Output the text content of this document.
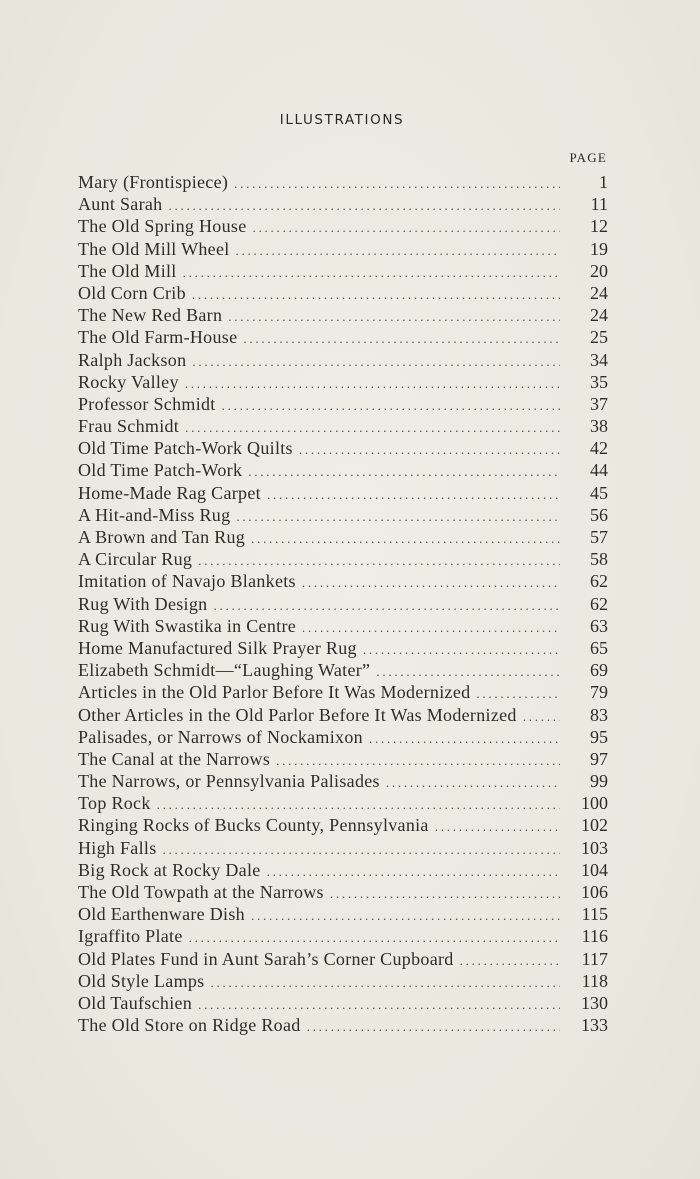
ILLUSTRATIONS
PAGE
Mary (Frontispiece) . . .	1
Aunt Sarah . . .	11
The Old Spring House . . .	12
The Old Mill Wheel . . .	19
The Old Mill . . .	20
Old Corn Crib . . .	24
The New Red Barn . . .	24
The Old Farm-House . . .	25
Ralph Jackson . . .	34
Rocky Valley . . .	35
Professor Schmidt . . .	37
Frau Schmidt . . .	38
Old Time Patch-Work Quilts . . .	42
Old Time Patch-Work . . .	44
Home-Made Rag Carpet . . .	45
A Hit-and-Miss Rug . . .	56
A Brown and Tan Rug . . .	57
A Circular Rug . . .	58
Imitation of Navajo Blankets . . .	62
Rug With Design . . .	62
Rug With Swastika in Centre . . .	63
Home Manufactured Silk Prayer Rug . . .	65
Elizabeth Schmidt—“Laughing Water” . . .	69
Articles in the Old Parlor Before It Was Modernized . . .	79
Other Articles in the Old Parlor Before It Was Modernized . . .	83
Palisades, or Narrows of Nockamixon . . .	95
The Canal at the Narrows . . .	97
The Narrows, or Pennsylvania Palisades . . .	99
Top Rock . . .	100
Ringing Rocks of Bucks County, Pennsylvania . . .	102
High Falls . . .	103
Big Rock at Rocky Dale . . .	104
The Old Towpath at the Narrows . . .	106
Old Earthenware Dish . . .	115
Igraffito Plate . . .	116
Old Plates Fund in Aunt Sarah’s Corner Cupboard . . .	117
Old Style Lamps . . .	118
Old Taufschien . . .	130
The Old Store on Ridge Road . . .	133
